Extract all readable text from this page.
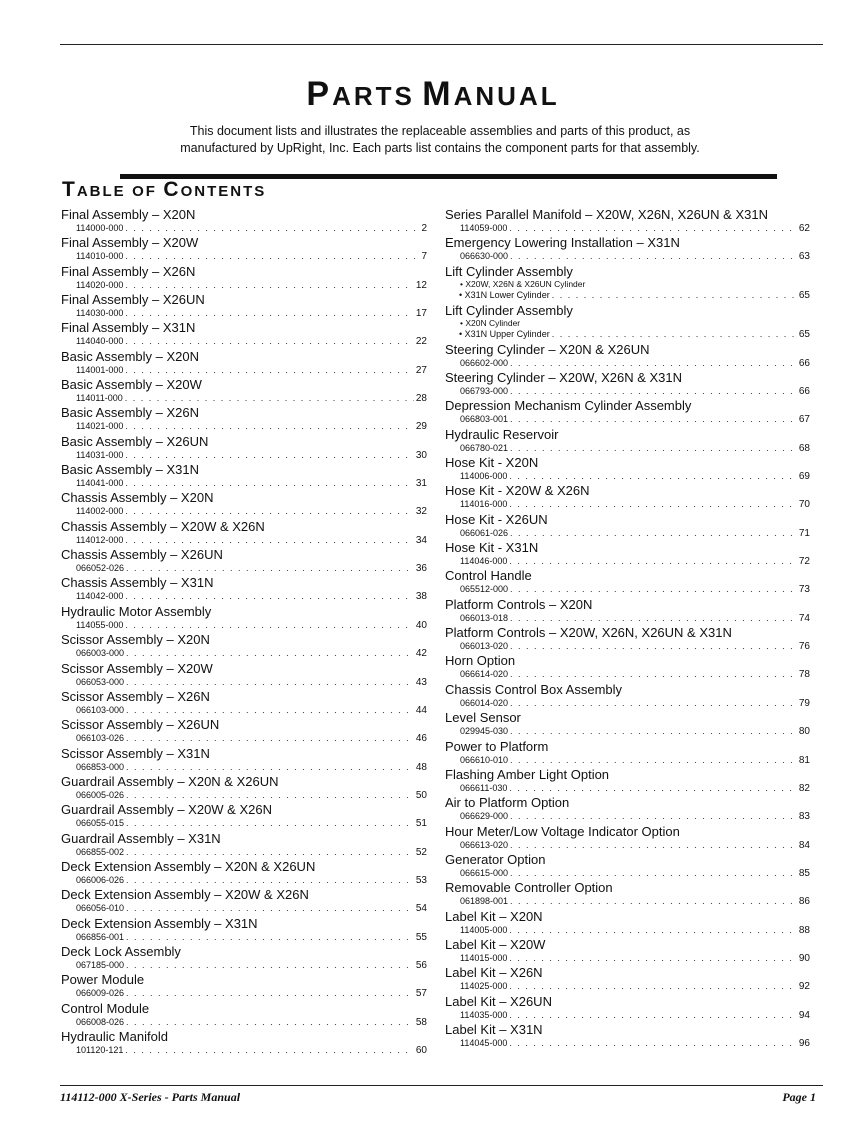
PARTS MANUAL
This document lists and illustrates the replaceable assemblies and parts of this product, as
manufactured by UpRight, Inc. Each parts list contains the component parts for that assembly.
TABLE OF CONTENTS
Final Assembly – X20N
114000-000 . . .	2
Final Assembly – X20W
114010-000 . . .	7
Final Assembly – X26N
114020-000 . . .	12
Final Assembly – X26UN
114030-000 . . .	17
Final Assembly – X31N
114040-000 . . .	22
Basic Assembly – X20N
114001-000 . . .	27
Basic Assembly – X20W
114011-000 . . .	28
Basic Assembly – X26N
114021-000 . . .	29
Basic Assembly – X26UN
114031-000 . . .	30
Basic Assembly – X31N
114041-000 . . .	31
Chassis Assembly – X20N
114002-000 . . .	32
Chassis Assembly – X20W & X26N
114012-000 . . .	34
Chassis Assembly – X26UN
066052-026 . . .	36
Chassis Assembly – X31N
114042-000 . . .	38
Hydraulic Motor Assembly
114055-000 . . .	40
Scissor Assembly – X20N
066003-000 . . .	42
Scissor Assembly – X20W
066053-000 . . .	43
Scissor Assembly – X26N
066103-000 . . .	44
Scissor Assembly – X26UN
066103-026 . . .	46
Scissor Assembly – X31N
066853-000 . . .	48
Guardrail Assembly – X20N & X26UN
066005-026 . . .	50
Guardrail Assembly – X20W & X26N
066055-015 . . .	51
Guardrail Assembly – X31N
066855-002 . . .	52
Deck Extension Assembly – X20N & X26UN
066006-026 . . .	53
Deck Extension Assembly – X20W & X26N
066056-010 . . .	54
Deck Extension Assembly – X31N
066856-001 . . .	55
Deck Lock Assembly
067185-000 . . .	56
Power Module
066009-026 . . .	57
Control Module
066008-026 . . .	58
Hydraulic Manifold
101120-121 . . .	60
Series Parallel Manifold – X20W, X26N, X26UN & X31N
114059-000 . . .	62
Emergency Lowering Installation – X31N
066630-000 . . .	63
Lift Cylinder Assembly
• X20W, X26N & X26UN Cylinder
• X31N Lower Cylinder . . .	65
Lift Cylinder Assembly
• X20N Cylinder
• X31N Upper Cylinder . . .	65
Steering Cylinder – X20N & X26UN
066602-000 . . .	66
Steering Cylinder – X20W, X26N & X31N
066793-000 . . .	66
Depression Mechanism Cylinder Assembly
066803-001 . . .	67
Hydraulic Reservoir
066780-021 . . .	68
Hose Kit - X20N
114006-000 . . .	69
Hose Kit - X20W & X26N
114016-000 . . .	70
Hose Kit - X26UN
066061-026 . . .	71
Hose Kit - X31N
114046-000 . . .	72
Control Handle
065512-000 . . .	73
Platform Controls – X20N
066013-018 . . .	74
Platform Controls – X20W, X26N, X26UN & X31N
066013-020 . . .	76
Horn Option
066614-020 . . .	78
Chassis Control Box Assembly
066014-020 . . .	79
Level Sensor
029945-030 . . .	80
Power to Platform
066610-010 . . .	81
Flashing Amber Light Option
066611-030 . . .	82
Air to Platform Option
066629-000 . . .	83
Hour Meter/Low Voltage Indicator Option
066613-020 . . .	84
Generator Option
066615-000 . . .	85
Removable Controller Option
061898-001 . . .	86
Label Kit – X20N
114005-000 . . .	88
Label Kit – X20W
114015-000 . . .	90
Label Kit – X26N
114025-000 . . .	92
Label Kit – X26UN
114035-000 . . .	94
Label Kit – X31N
114045-000 . . .	96
114112-000 X-Series - Parts Manual	Page 1
